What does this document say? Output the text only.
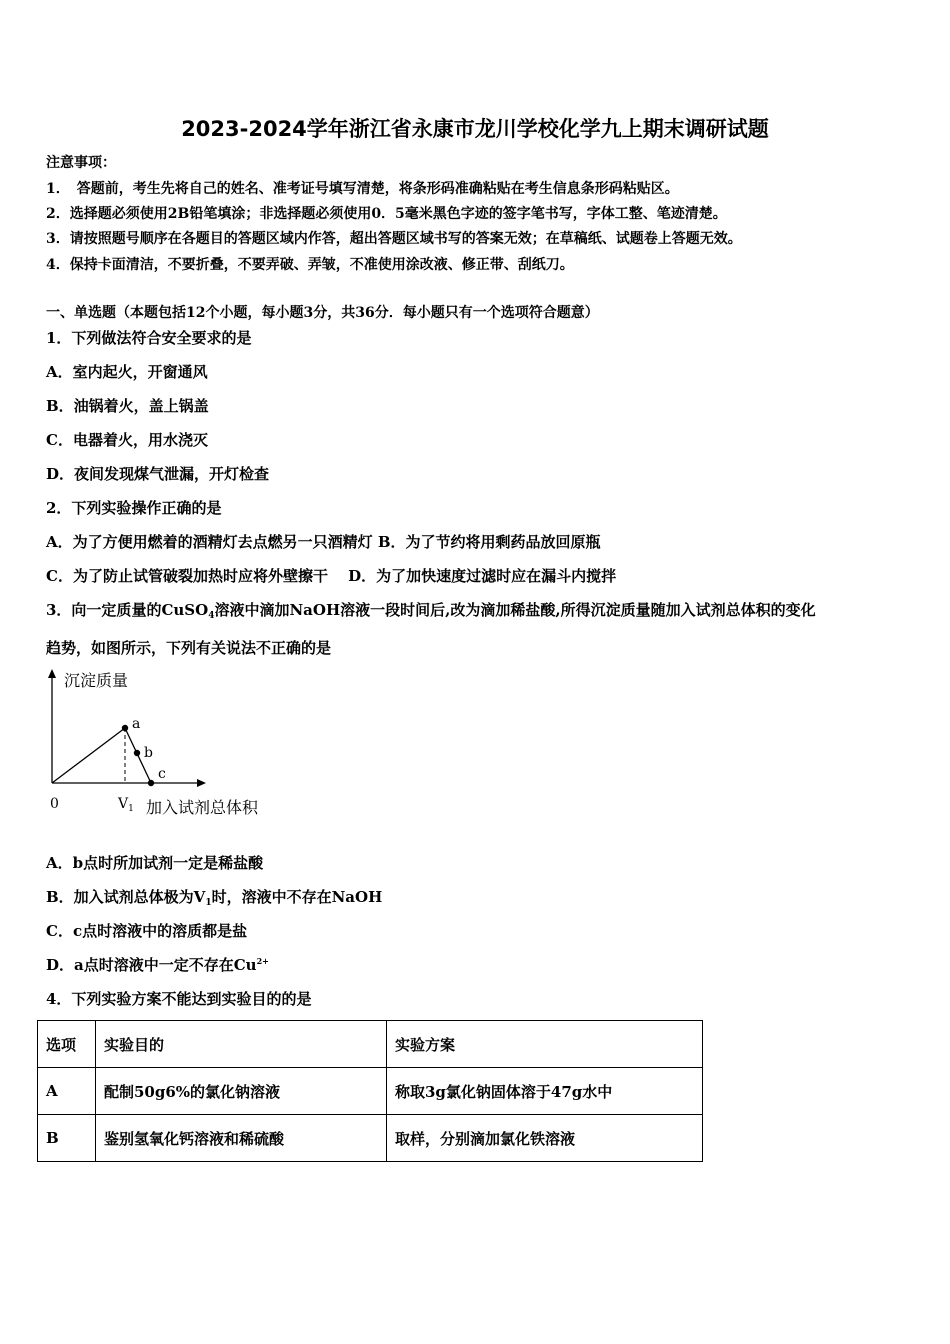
2023-2024学年浙江省永康市龙川学校化学九上期末调研试题
注意事项：
1．　答题前，考生先将自己的姓名、准考证号填写清楚，将条形码准确粘贴在考生信息条形码粘贴区。
2．选择题必须使用2B铅笔填涂；非选择题必须使用0．5毫米黑色字迹的签字笔书写，字体工整、笔迹清楚。
3．请按照题号顺序在各题目的答题区域内作答，超出答题区域书写的答案无效；在草稿纸、试题卷上答题无效。
4．保持卡面清洁，不要折叠，不要弄破、弄皱，不准使用涂改液、修正带、刮纸刀。
一、单选题（本题包括12个小题，每小题3分，共36分．每小题只有一个选项符合题意）
1．下列做法符合安全要求的是
A．室内起火，开窗通风
B．油锅着火，盖上锅盖
C．电器着火，用水浇灭
D．夜间发现煤气泄漏，开灯检查
2．下列实验操作正确的是
A．为了方便用燃着的酒精灯去点燃另一只酒精灯 B．为了节约将用剩药品放回原瓶
C．为了防止试管破裂加热时应将外壁擦干　 D．为了加快速度过滤时应在漏斗内搅拌
3．向一定质量的CuSO$_4$溶液中滴加NaOH溶液一段时间后,改为滴加稀盐酸,所得沉淀质量随加入试剂总体积的变化
趋势，如图所示，下列有关说法不正确的是
a
b
c
沉淀质量
0	$V_1$ 加入试剂总体积
A．b点时所加试剂一定是稀盐酸
B．加入试剂总体极为$V_1$时，溶液中不存在NaOH
C．c点时溶液中的溶质都是盐
D．a点时溶液中一定不存在$Cu^{2+}$
4．下列实验方案不能达到实验目的的是
选项	实验目的	实验方案
A	配制50g6%的氯化钠溶液	称取3g氯化钠固体溶于47g水中
B	鉴别氢氧化钙溶液和稀硫酸	取样，分别滴加氯化铁溶液
